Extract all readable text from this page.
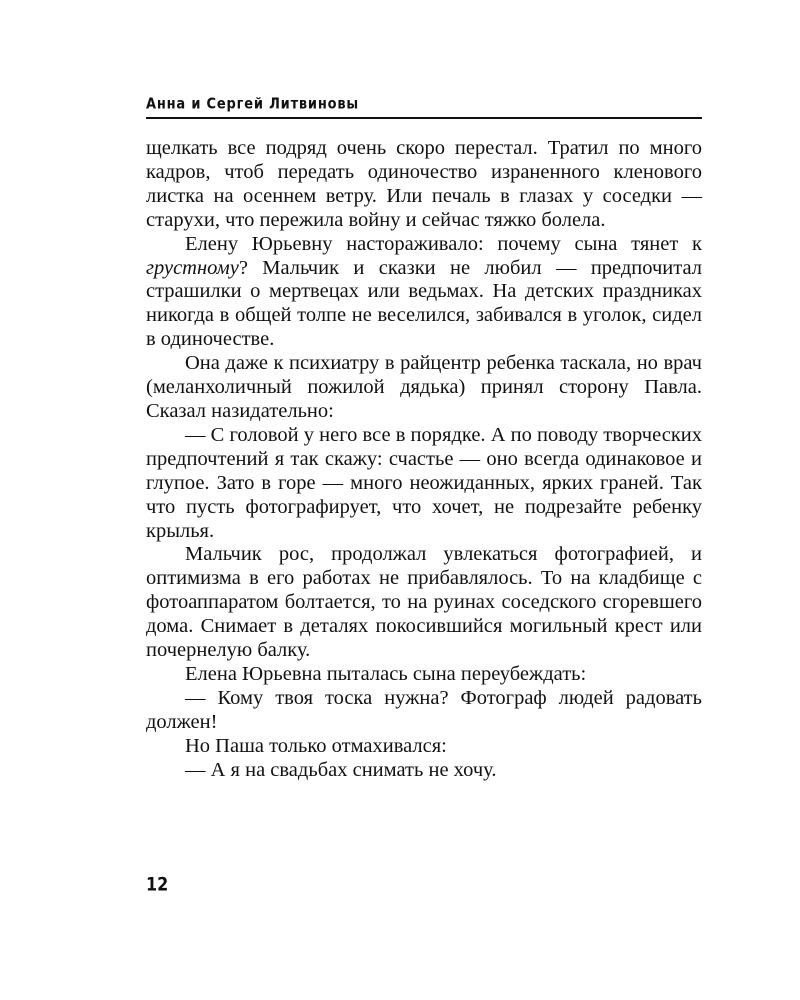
Анна и Сергей Литвиновы

щелкать все подряд очень скоро перестал. Тратил по много кадров, чтоб передать одиночество израненного кленового листка на осеннем ветру. Или печаль в глазах у соседки — старухи, что пережила войну и сейчас тяжко болела.

Елену Юрьевну настораживало: почему сына тянет к грустному? Мальчик и сказки не любил — предпочитал страшилки о мертвецах или ведьмах. На детских праздниках никогда в общей толпе не веселился, забивался в уголок, сидел в одиночестве.

Она даже к психиатру в райцентр ребенка таскала, но врач (меланхоличный пожилой дядька) принял сторону Павла. Сказал назидательно:

— С головой у него все в порядке. А по поводу творческих предпочтений я так скажу: счастье — оно всегда одинаковое и глупое. Зато в горе — много неожиданных, ярких граней. Так что пусть фотографирует, что хочет, не подрезайте ребенку крылья.

Мальчик рос, продолжал увлекаться фотографией, и оптимизма в его работах не прибавлялось. То на кладбище с фотоаппаратом болтается, то на руинах соседского сгоревшего дома. Снимает в деталях покосившийся могильный крест или почернелую балку.

Елена Юрьевна пыталась сына переубеждать:

— Кому твоя тоска нужна? Фотограф людей радовать должен!

Но Паша только отмахивался:

— А я на свадьбах снимать не хочу.

12
